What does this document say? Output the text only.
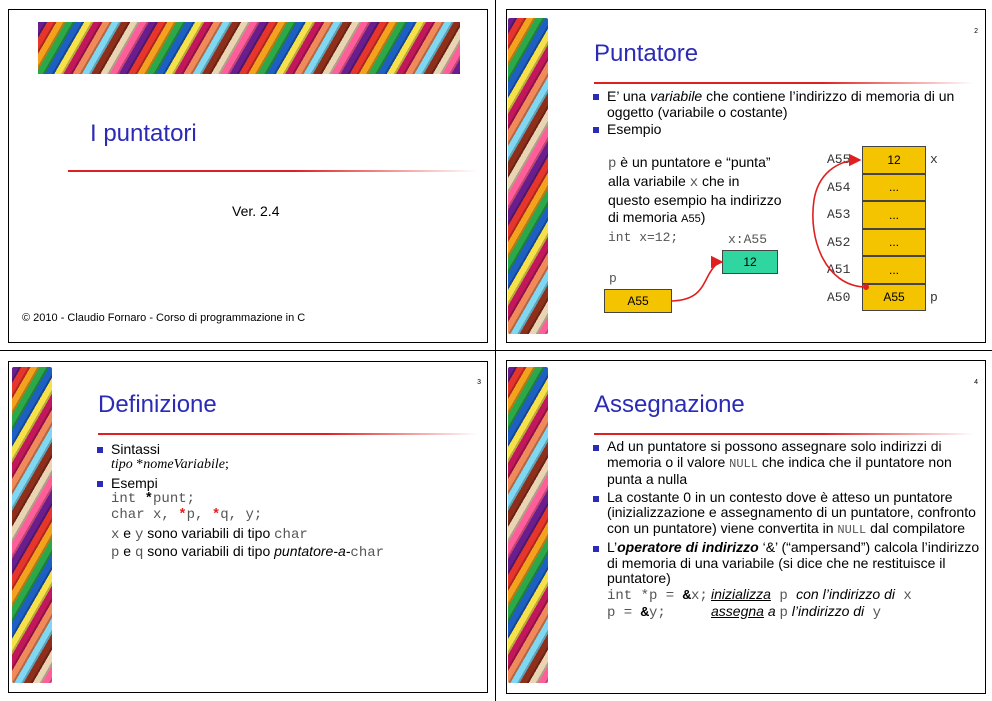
I puntatori
Ver. 2.4
© 2010 - Claudio Fornaro - Corso di programmazione in C
2
Puntatore
E’ una variabile che contiene l’indirizzo di memoria di un oggetto (variabile o costante)
Esempio
p è un puntatore e “punta”
alla variabile x che in
questo esempio ha indirizzo
di memoria A55)
int x=12;	x:A55
12
p
A55
A55	12	x
A54	...
A53	...
A52	...
A51	...
A50	A55	p
3
Definizione
Sintassi
tipo *nomeVariabile;
Esempi
int *punt;
char x, *p, *q, y;
x e y sono variabili di tipo char
p e q sono variabili di tipo puntatore-a-char
4
Assegnazione
Ad un puntatore si possono assegnare solo indirizzi di memoria o il valore NULL che indica che il puntatore non punta a nulla
La costante 0 in un contesto dove è atteso un puntatore (inizializzazione e assegnamento di un puntatore, confronto con un puntatore) viene convertita in NULL dal compilatore
L’operatore di indirizzo ‘&’ (“ampersand”) calcola l’indirizzo di memoria di una variabile (si dice che ne restituisce il puntatore)
int *p = &x; inizializza p con l’indirizzo di x
p = &y;	assegna a p l’indirizzo di y
